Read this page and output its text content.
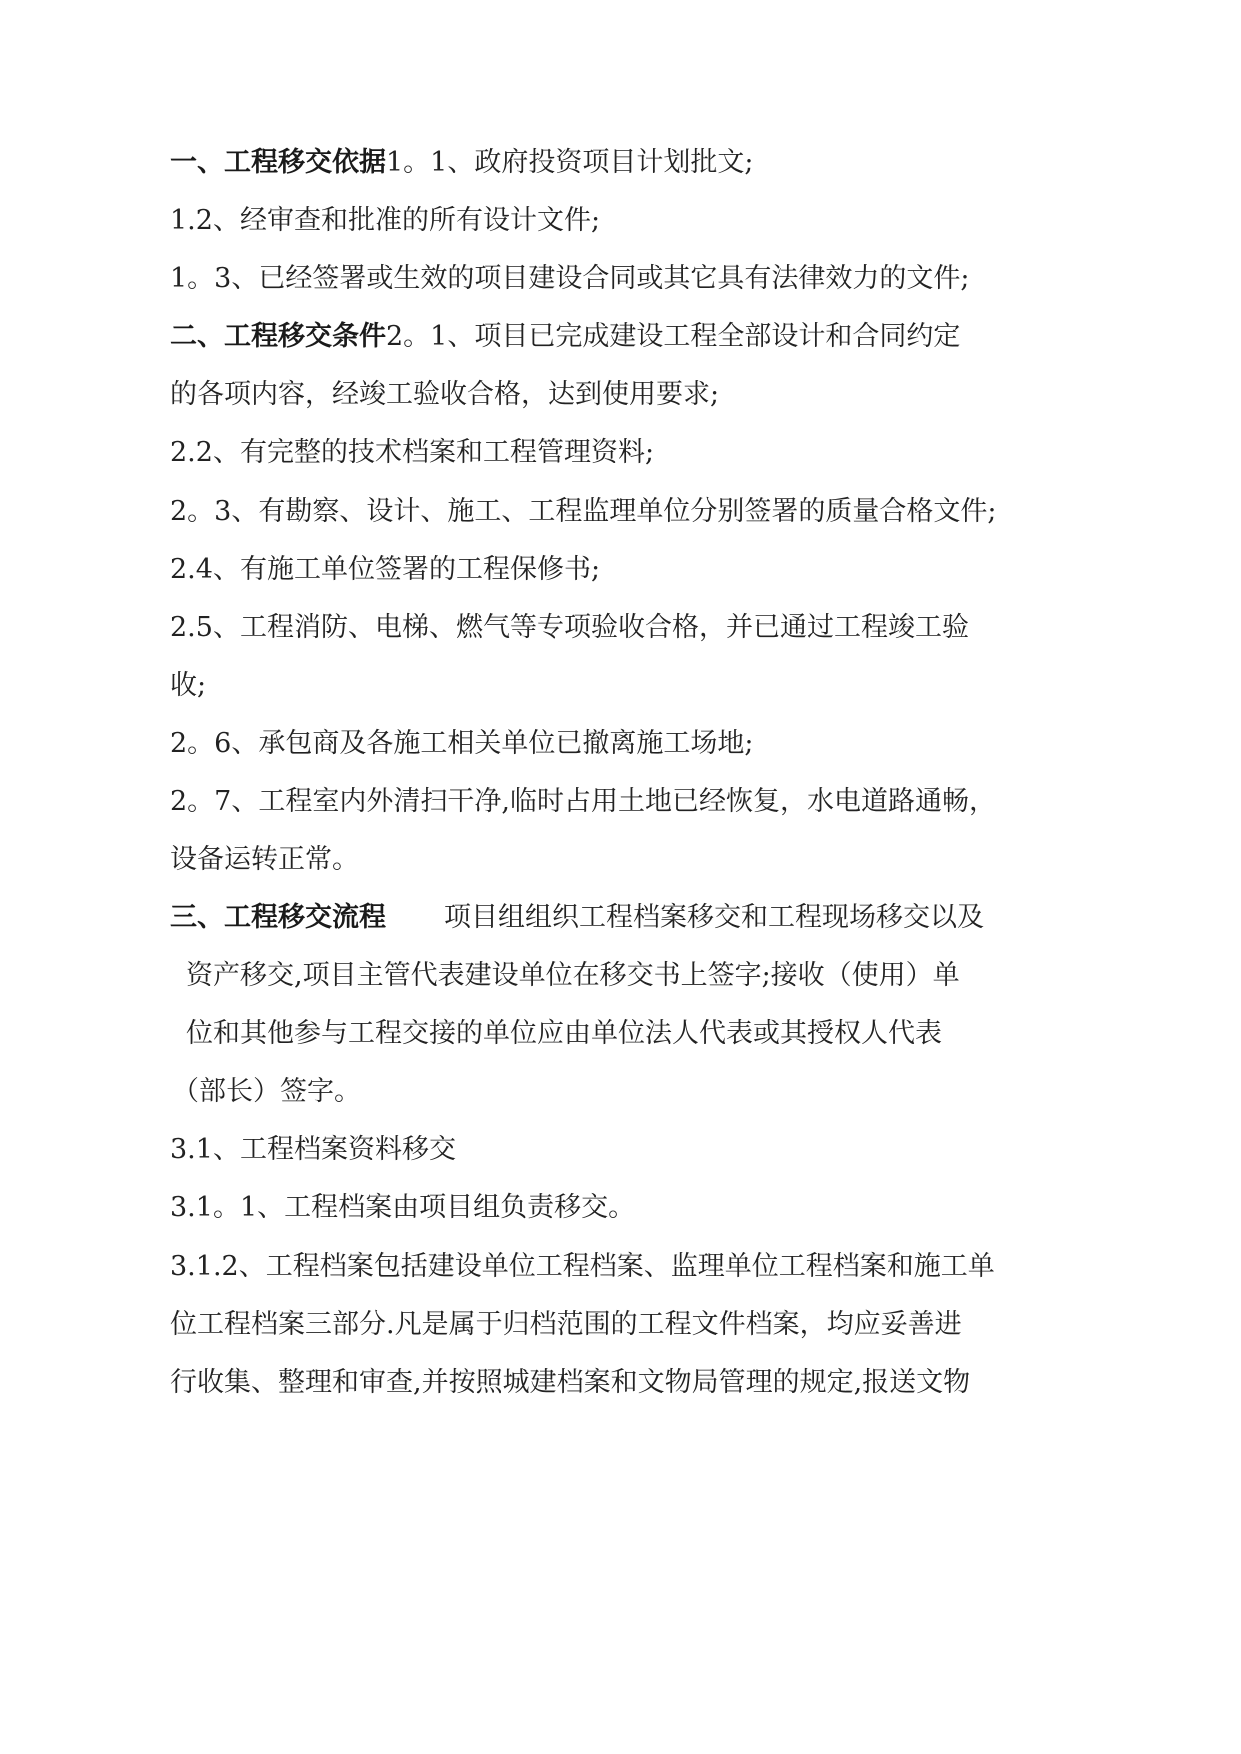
一、工程移交依据1。1、政府投资项目计划批文;
1.2、经审查和批准的所有设计文件;
1。3、已经签署或生效的项目建设合同或其它具有法律效力的文件;
二、工程移交条件2。1、项目已完成建设工程全部设计和合同约定
的各项内容，经竣工验收合格，达到使用要求;
2.2、有完整的技术档案和工程管理资料;
2。3、有勘察、设计、施工、工程监理单位分别签署的质量合格文件;
2.4、有施工单位签署的工程保修书;
2.5、工程消防、电梯、燃气等专项验收合格，并已通过工程竣工验
收;
2。6、承包商及各施工相关单位已撤离施工场地;
2。7、工程室内外清扫干净,临时占用土地已经恢复，水电道路通畅，
设备运转正常。
三、工程移交流程 项目组组织工程档案移交和工程现场移交以及
资产移交,项目主管代表建设单位在移交书上签字;接收（使用）单
位和其他参与工程交接的单位应由单位法人代表或其授权人代表
（部长）签字。
3.1、工程档案资料移交
3.1。1、工程档案由项目组负责移交。
3.1.2、工程档案包括建设单位工程档案、监理单位工程档案和施工单
位工程档案三部分.凡是属于归档范围的工程文件档案，均应妥善进
行收集、整理和审查,并按照城建档案和文物局管理的规定,报送文物
